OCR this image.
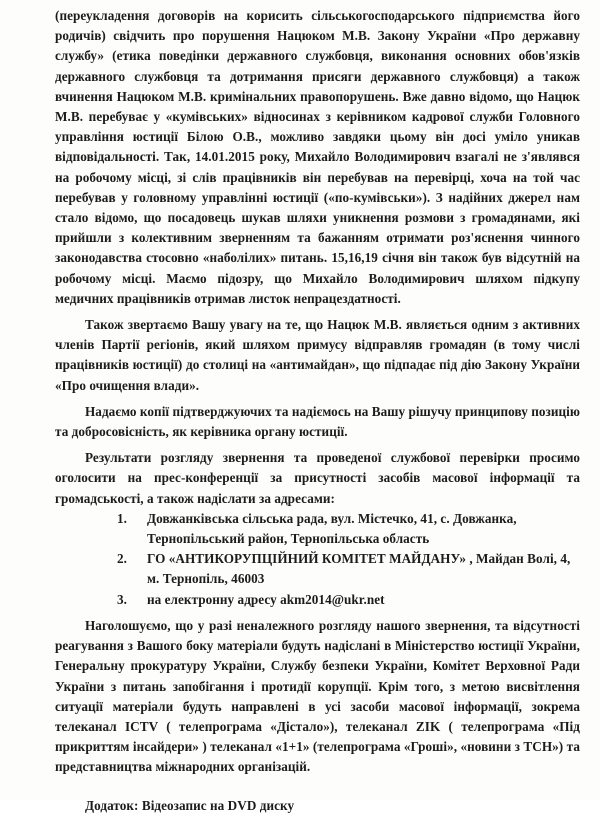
(переукладення договорів на корисить сільськогосподарського підприємства його родичів) свідчить про порушення Нацюком М.В. Закону України «Про державну службу» (етика поведінки державного службовця, виконання основних обов'язків державного службовця та дотримання присяги державного службовця) а також вчинення Нацюком М.В. кримінальних правопорушень. Вже давно відомо, що Нацюк М.В. перебуває у «кумівських» відносинах з керівником кадрової служби Головного управління юстиції Білою О.В., можливо завдяки цьому він досі уміло уникав відповідальності. Так, 14.01.2015 року, Михайло Володимирович взагалі не з'являвся на робочому місці, зі слів працівників він перебував на перевірці, хоча на той час перебував у головному управлінні юстиції («по-кумівськи»). З надійних джерел нам стало відомо, що посадовець шукав шляхи уникнення розмови з громадянами, які прийшли з колективним зверненням та бажанням отримати роз'яснення чинного законодавства стосовно «наболілих» питань. 15,16,19 січня він також був відсутній на робочому місці. Маємо підозру, що Михайло Володимирович шляхом підкупу медичних працівників отримав листок непрацездатності.

Також звертаємо Вашу увагу на те, що Нацюк М.В. являється одним з активних членів Партії регіонів, який шляхом примусу відправляв громадян (в тому числі працівників юстиції) до столиці на «антимайдан», що підпадає під дію Закону України «Про очищення влади».

Надаємо копії підтверджуючих та надіємось на Вашу рішучу принципову позицію та добросовісність, як керівника органу юстиції.

Результати розгляду звернення та проведеної службової перевірки просимо оголосити на прес-конференції за присутності засобів масової інформації та громадськості, а також надіслати за адресами:

1. Довжанківська сільська рада, вул. Містечко, 41, с. Довжанка, Тернопільський район, Тернопільська область
2. ГО «АНТИКОРУПЦІЙНИЙ КОМІТЕТ МАЙДАНУ» , Майдан Волі, 4, м. Тернопіль, 46003
3. на електронну адресу akm2014@ukr.net

Наголошуємо, що у разі неналежного розгляду нашого звернення, та відсутності реагування з Вашого боку матеріали будуть надіслані в Міністерство юстиції України, Генеральну прокуратуру України, Службу безпеки України, Комітет Верховної Ради України з питань запобігання і протидії корупції. Крім того, з метою висвітлення ситуації матеріали будуть направлені в усі засоби масової інформації, зокрема телеканал ICTV ( телепрограма «Дістало»), телеканал ZIK ( телепрограма «Під прикриттям інсайдери» ) телеканал «1+1» (телепрограма «Гроші», «новини з ТСН») та представництва міжнародних організацій.

Додаток: Відеозапис на DVD диску
